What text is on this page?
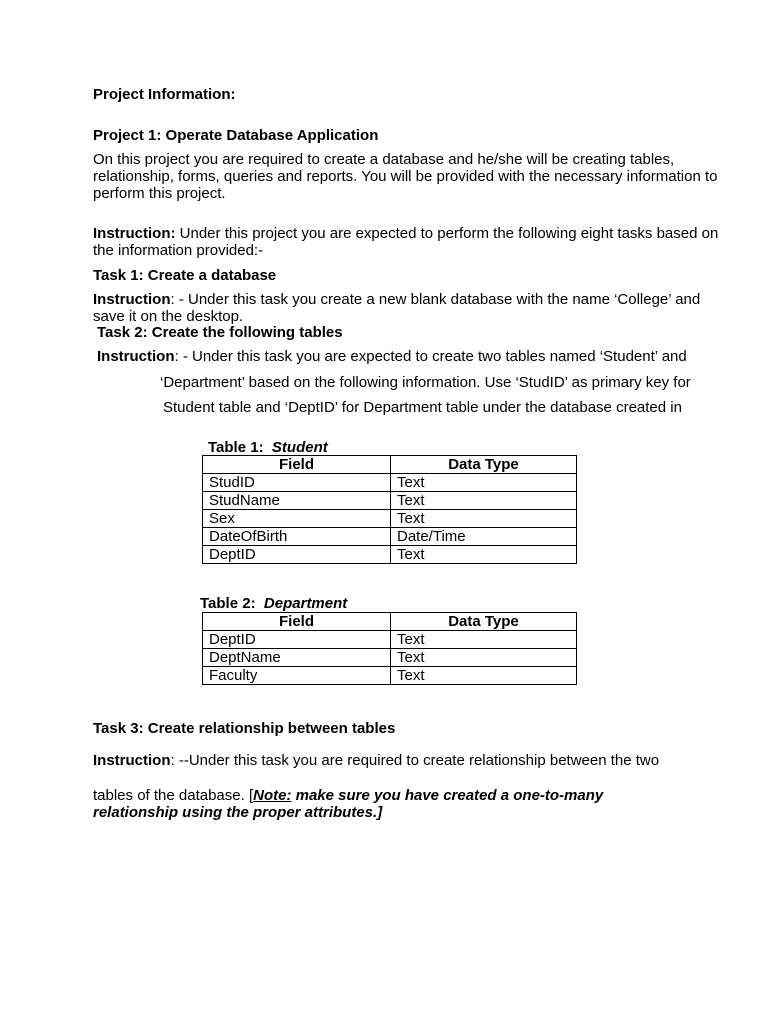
Project Information:

Project 1: Operate Database Application

On this project you are required to create a database and he/she will be creating tables, relationship, forms, queries and reports. You will be provided with the necessary information to perform this project.

Instruction: Under this project you are expected to perform the following eight tasks based on the information provided:-

Task 1: Create a database

Instruction: - Under this task you create a new blank database with the name ‘College’ and save it on the desktop.

Task 2: Create the following tables

Instruction: - Under this task you are expected to create two tables named ‘Student’ and
‘Department’ based on the following information. Use ‘StudID’ as primary key for
Student table and ‘DeptID’ for Department table under the database created in
Table 1: Student
Field	Data Type
StudID	Text
StudName	Text
Sex	Text
DateOfBirth	Date/Time
DeptID	Text
Table 2: Department
Field	Data Type
DeptID	Text
DeptName	Text
Faculty	Text

Task 3: Create relationship between tables

Instruction: --Under this task you are required to create relationship between the two

tables of the database. [Note: make sure you have created a one-to-many relationship using the proper attributes.]
